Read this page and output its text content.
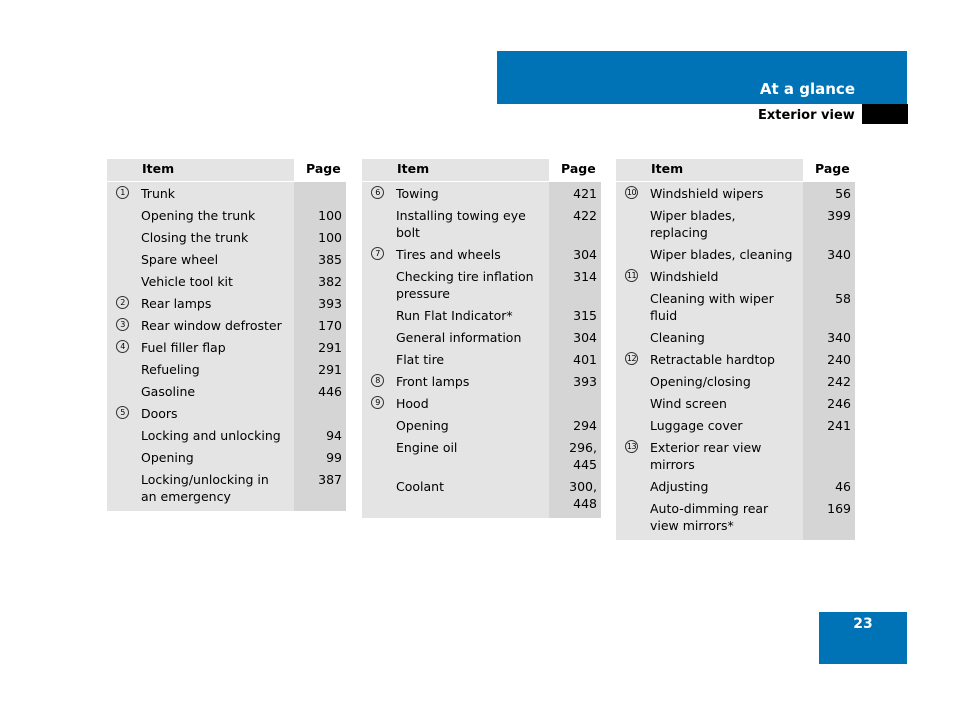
At a glance
Exterior view
	Item	Page
1	Trunk	
	Opening the trunk	100
	Closing the trunk	100
	Spare wheel	385
	Vehicle tool kit	382
2	Rear lamps	393
3	Rear window defroster	170
4	Fuel filler flap	291
	Refueling	291
	Gasoline	446
5	Doors	
	Locking and unlocking	94
	Opening	99
	Locking/unlocking in an emergency	387
	Item	Page
6	Towing	421
	Installing towing eye bolt	422
7	Tires and wheels	304
	Checking tire inflation pressure	314
	Run Flat Indicator*	315
	General information	304
	Flat tire	401
8	Front lamps	393
9	Hood	
	Opening	294
	Engine oil	296, 445
	Coolant	300, 448
	Item	Page
10	Windshield wipers	56
	Wiper blades, replacing	399
	Wiper blades, cleaning	340
11	Windshield	
	Cleaning with wiper fluid	58
	Cleaning	340
12	Retractable hardtop	240
	Opening/closing	242
	Wind screen	246
	Luggage cover	241
13	Exterior rear view mirrors	
	Adjusting	46
	Auto-dimming rear view mirrors*	169
23
